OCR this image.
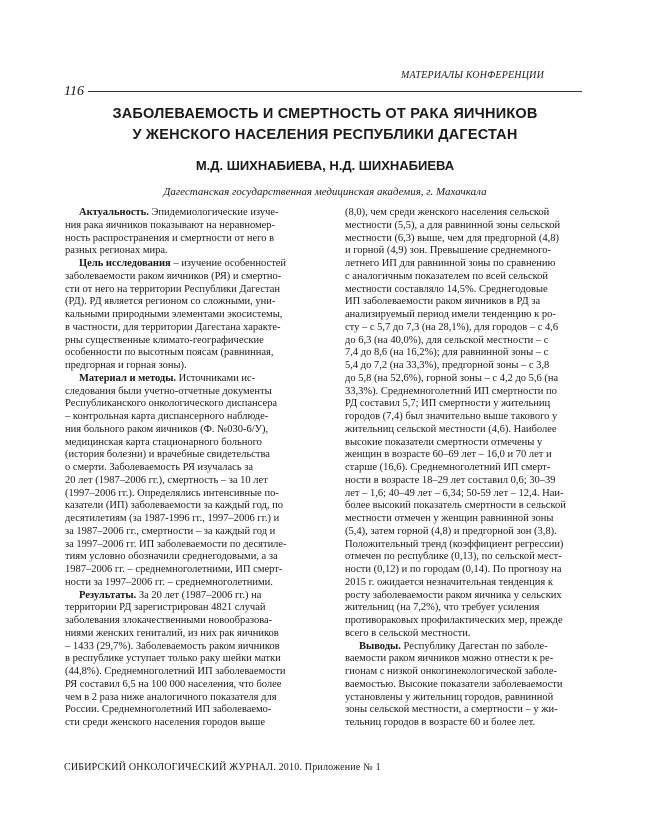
МАТЕРИАЛЫ КОНФЕРЕНЦИИ
116
ЗАБОЛЕВАЕМОСТЬ И СМЕРТНОСТЬ ОТ РАКА ЯИЧНИКОВ
У ЖЕНСКОГО НАСЕЛЕНИЯ РЕСПУБЛИКИ ДАГЕСТАН
М.Д. ШИХНАБИЕВА, Н.Д. ШИХНАБИЕВА
Дагестанская государственная медицинская академия, г. Махачкала

Актуальность. Эпидемиологические изуче-
ния рака яичников показывают на неравномер-
ность распространения и смертности от него в
разных регионах мира.

Цель исследования – изучение особенностей
заболеваемости раком яичников (РЯ) и смертно-
сти от него на территории Республики Дагестан
(РД). РД является регионом со сложными, уни-
кальными природными элементами экосистемы,
в частности, для территории Дагестана характе-
рны существенные климато-географические
особенности по высотным поясам (равнинная,
предгорная и горная зоны).

Материал и методы. Источниками ис-
следования были учетно-отчетные документы
Республиканского онкологического диспансера
– контрольная карта диспансерного наблюде-
ния больного раком яичников (Ф. №030-6/У),
медицинская карта стационарного больного
(история болезни) и врачебные свидетельства
о смерти. Заболеваемость РЯ изучалась за
20 лет (1987–2006 гг.), смертность – за 10 лет
(1997–2006 гг.). Определялись интенсивные по-
казатели (ИП) заболеваемости за каждый год, по
десятилетиям (за 1987-1996 гг., 1997–2006 гг.) и
за 1987–2006 гг., смертности – за каждый год и
за 1997–2006 гг. ИП заболеваемости по десятиле-
тиям условно обозначили среднегодовыми, а за
1987–2006 гг. – среднемноголетними, ИП смерт-
ности за 1997–2006 гг. – среднемноголетними.

Результаты. За 20 лет (1987–2006 гг.) на
территории РД зарегистрирован 4821 случай
заболевания злокачественными новообразова-
ниями женских гениталий, из них рак яичников
– 1433 (29,7%). Заболеваемость раком яичников
в республике уступает только раку шейки матки
(44,8%). Среднемноголетний ИП заболеваемости
РЯ составил 6,5 на 100 000 населения, что более
чем в 2 раза ниже аналогичного показателя для
России. Среднемноголетний ИП заболеваемо-
сти среди женского населения городов выше

(8,0), чем среди женского населения сельской
местности (5,5), а для равнинной зоны сельской
местности (6,3) выше, чем для предгорной (4,8)
и горной (4,9) зон. Превышение среднемного-
летнего ИП для равнинной зоны по сравнению
с аналогичным показателем по всей сельской
местности составляло 14,5%. Среднегодовые
ИП заболеваемости раком яичников в РД за
анализируемый период имели тенденцию к ро-
сту – с 5,7 до 7,3 (на 28,1%), для городов – с 4,6
до 6,3 (на 40,0%), для сельской местности – с
7,4 до 8,6 (на 16,2%); для равнинной зоны – с
5,4 до 7,2 (на 33,3%), предгорной зоны – с 3,8
до 5,8 (на 52,6%), горной зоны – с 4,2 до 5,6 (на
33,3%). Среднемноголетний ИП смертности по
РД составил 5,7; ИП смертности у жительниц
городов (7,4) был значительно выше такового у
жительниц сельской местности (4,6). Наиболее
высокие показатели смертности отмечены у
женщин в возрасте 60–69 лет – 16,0 и 70 лет и
старше (16,6). Среднемноголетний ИП смерт-
ности в возрасте 18–29 лет составил 0,6; 30–39
лет – 1,6; 40–49 лет – 6,34; 50-59 лет – 12,4. Наи-
более высокий показатель смертности в сельской
местности отмечен у женщин равнинной зоны
(5,4), затем горной (4,8) и предгорной зон (3,8).
Положительный тренд (коэффициент регрессии)
отмечен по республике (0,13), по сельской мест-
ности (0,12) и по городам (0,14). По прогнозу на
2015 г. ожидается незначительная тенденция к
росту заболеваемости раком яичника у сельских
жительниц (на 7,2%), что требует усиления
противораковых профилактических мер, прежде
всего в сельской местности.

Выводы. Республику Дагестан по заболе-
ваемости раком яичников можно отнести к ре-
гионам с низкой онкогинекологической заболе-
ваемостью. Высокие показатели заболеваемости
установлены у жительниц городов, равнинной
зоны сельской местности, а смертности – у жи-
тельниц городов в возрасте 60 и более лет.

СИБИРСКИЙ ОНКОЛОГИЧЕСКИЙ ЖУРНАЛ. 2010. Приложение № 1
